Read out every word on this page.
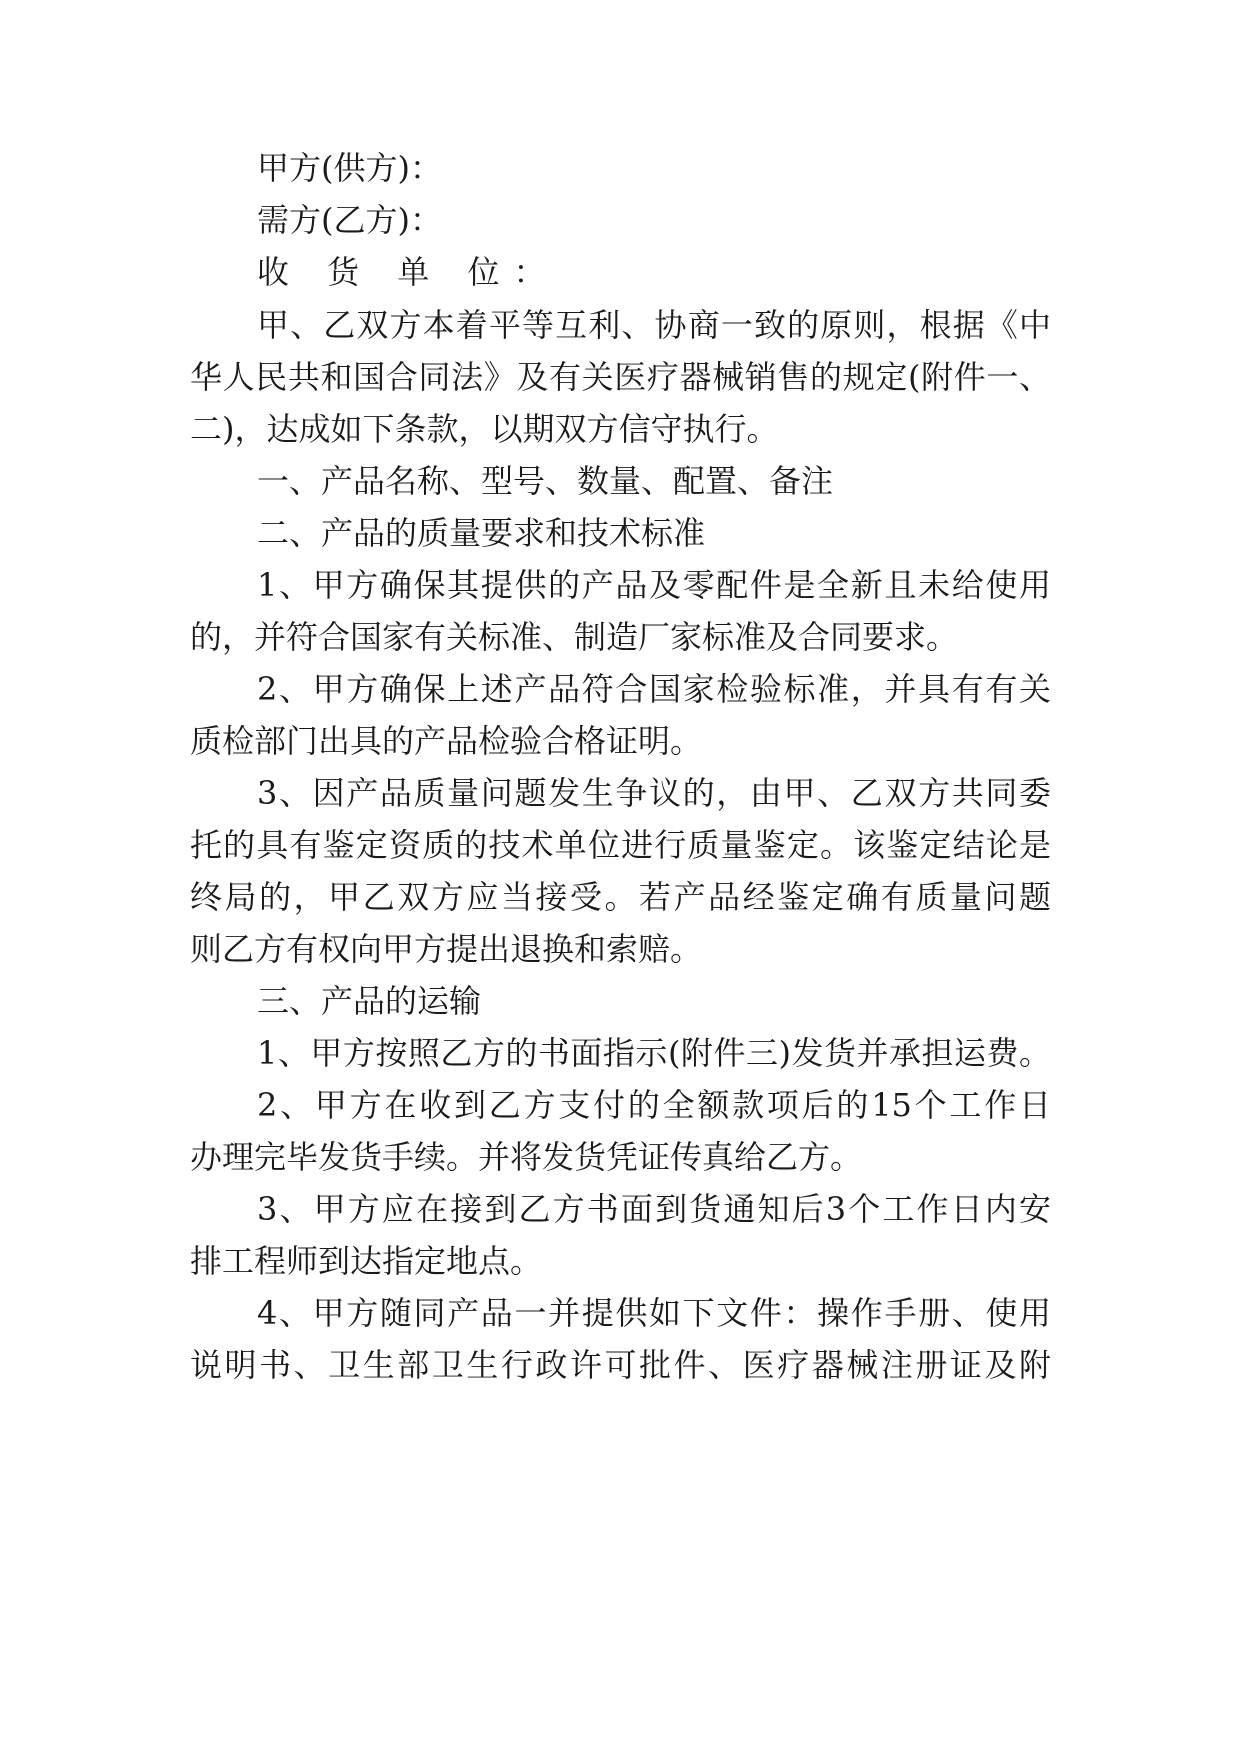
甲方(供方)：

需方(乙方)：

收 货 单 位：

甲、乙双方本着平等互利、协商一致的原则，根据《中

华人民共和国合同法》及有关医疗器械销售的规定(附件一、

二)，达成如下条款，以期双方信守执行。

一、产品名称、型号、数量、配置、备注

二、产品的质量要求和技术标准

1、甲方确保其提供的产品及零配件是全新且未给使用

的，并符合国家有关标准、制造厂家标准及合同要求。

2、甲方确保上述产品符合国家检验标准，并具有有关

质检部门出具的产品检验合格证明。

3、因产品质量问题发生争议的，由甲、乙双方共同委

托的具有鉴定资质的技术单位进行质量鉴定。该鉴定结论是

终局的，甲乙双方应当接受。若产品经鉴定确有质量问题

则乙方有权向甲方提出退换和索赔。

三、产品的运输

1、甲方按照乙方的书面指示(附件三)发货并承担运费。

2、甲方在收到乙方支付的全额款项后的15个工作日

办理完毕发货手续。并将发货凭证传真给乙方。

3、甲方应在接到乙方书面到货通知后3个工作日内安

排工程师到达指定地点。

4、甲方随同产品一并提供如下文件：操作手册、使用

说明书、卫生部卫生行政许可批件、医疗器械注册证及附
